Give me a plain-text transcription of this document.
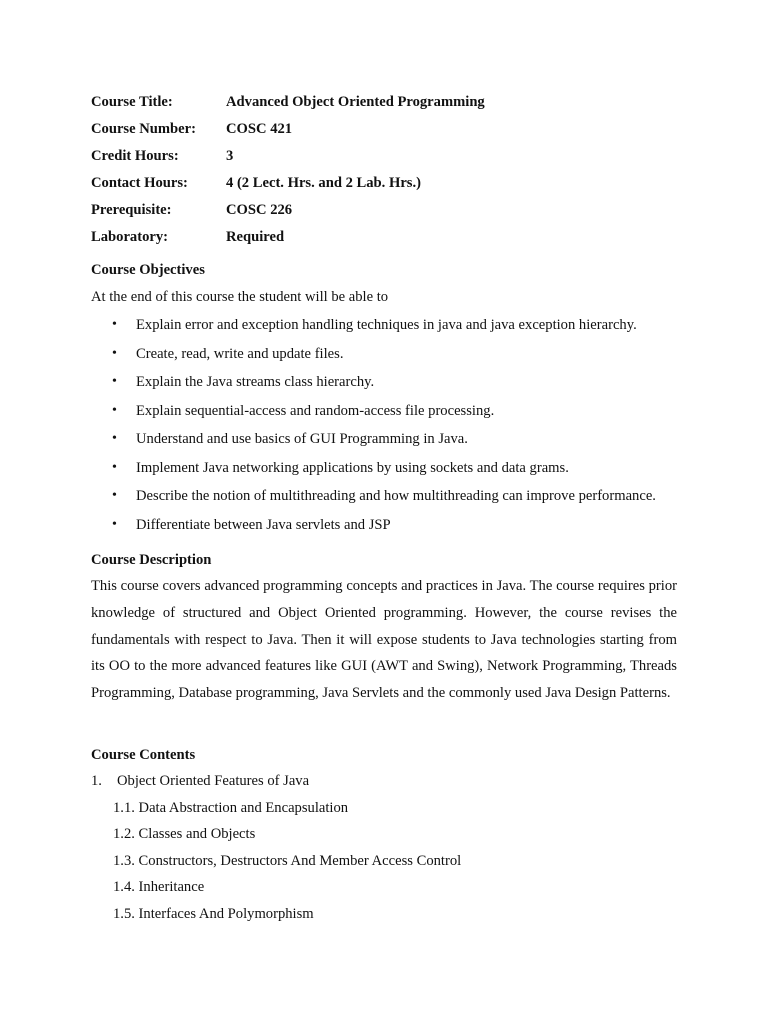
Course Title:	Advanced Object Oriented Programming
Course Number: COSC 421
Credit Hours:	3
Contact Hours:	4 (2 Lect. Hrs. and 2 Lab. Hrs.)
Prerequisite:	COSC 226
Laboratory:	Required
Course Objectives
At the end of this course the student will be able to
• Explain error and exception handling techniques in java and java exception hierarchy.
• Create, read, write and update files.
• Explain the Java streams class hierarchy.
• Explain sequential-access and random-access file processing.
• Understand and use basics of GUI Programming in Java.
• Implement Java networking applications by using sockets and data grams.
• Describe the notion of multithreading and how multithreading can improve performance.
• Differentiate between Java servlets and JSP
Course Description

This course covers advanced programming concepts and practices in Java. The course requires prior knowledge of structured and Object Oriented programming. However, the course revises the fundamentals with respect to Java. Then it will expose students to Java technologies starting from its OO to the more advanced features like GUI (AWT and Swing), Network Programming, Threads Programming, Database programming, Java Servlets and the commonly used Java Design Patterns.

Course Contents
1. Object Oriented Features of Java
1.1. Data Abstraction and Encapsulation
1.2. Classes and Objects
1.3. Constructors, Destructors And Member Access Control
1.4. Inheritance
1.5. Interfaces And Polymorphism
